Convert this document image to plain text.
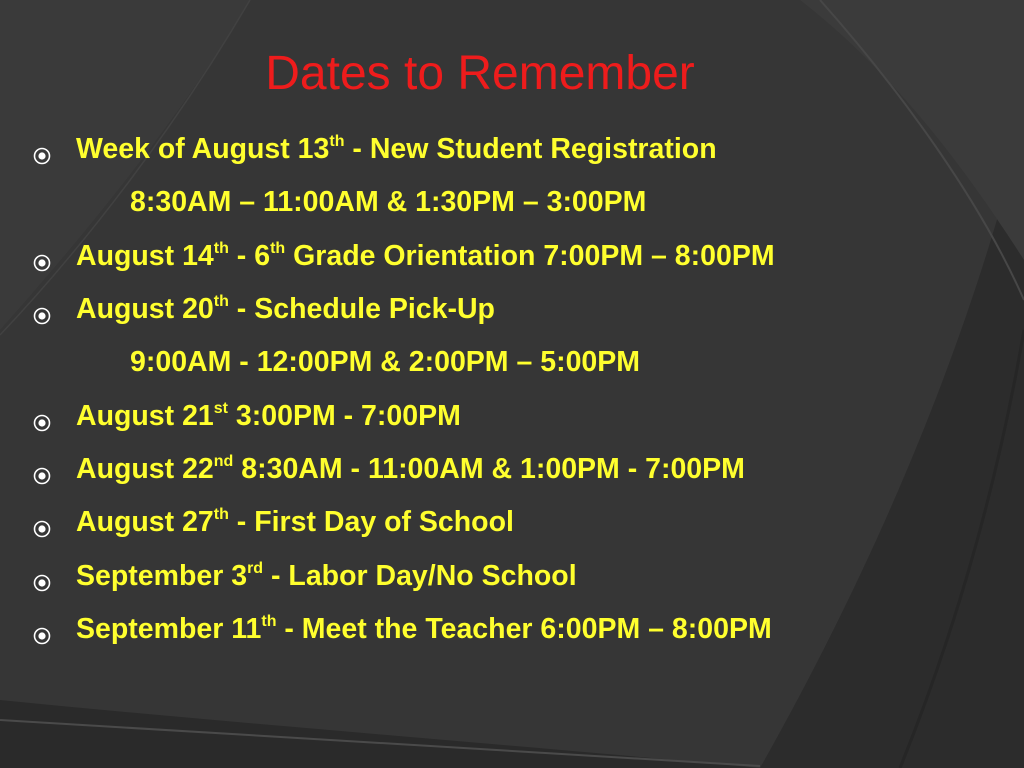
Dates to Remember
Week of August 13th - New Student Registration
8:30AM – 11:00AM & 1:30PM – 3:00PM
August 14th - 6th Grade Orientation 7:00PM – 8:00PM
August 20th - Schedule Pick-Up
9:00AM - 12:00PM & 2:00PM – 5:00PM
August 21st 3:00PM - 7:00PM
August 22nd 8:30AM - 11:00AM & 1:00PM - 7:00PM
August 27th - First Day of School
September 3rd - Labor Day/No School
September 11th - Meet the Teacher 6:00PM – 8:00PM
